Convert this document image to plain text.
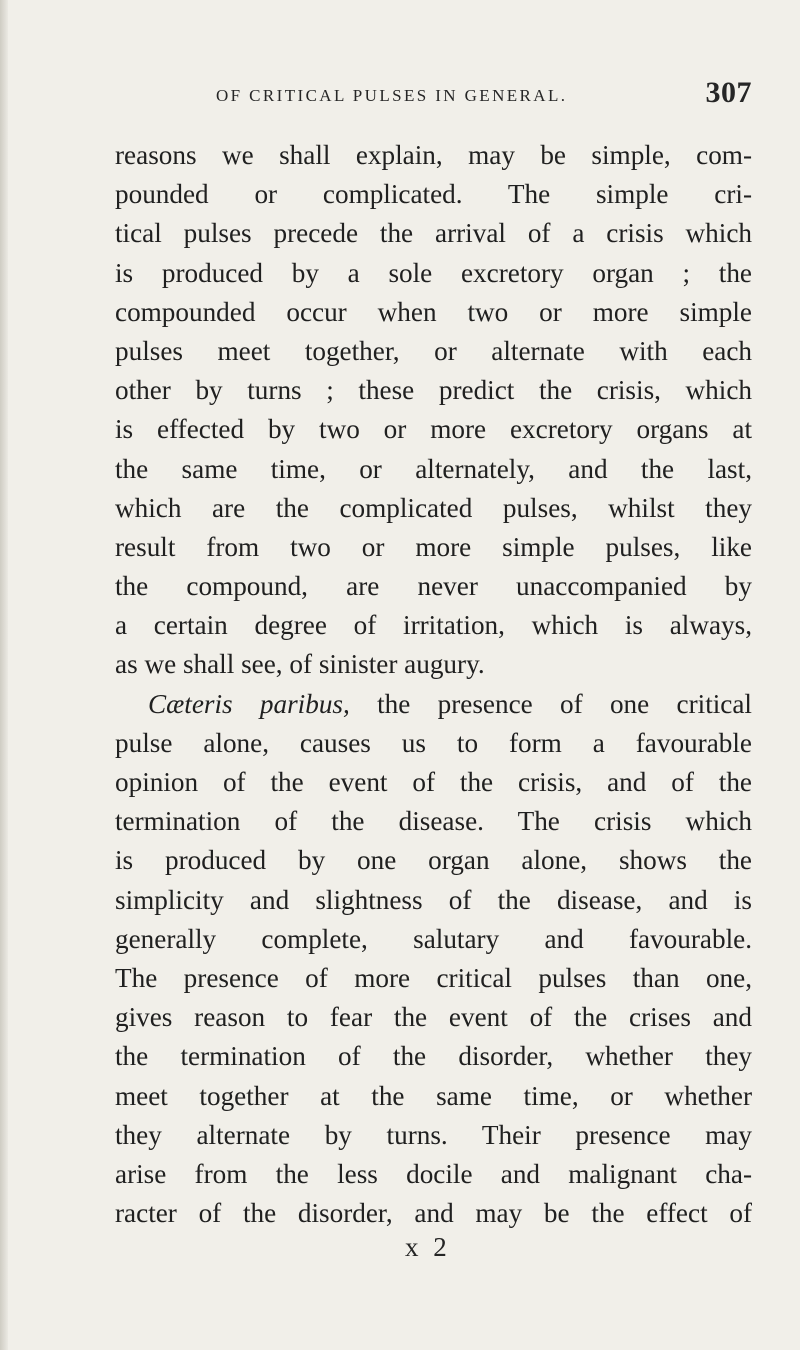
OF CRITICAL PULSES IN GENERAL.	307
reasons we shall explain, may be simple, com-
pounded or complicated. The simple cri-
tical pulses precede the arrival of a crisis which
is produced by a sole excretory organ ; the
compounded occur when two or more simple
pulses meet together, or alternate with each
other by turns ; these predict the crisis, which
is effected by two or more excretory organs at
the same time, or alternately, and the last,
which are the complicated pulses, whilst they
result from two or more simple pulses, like
the compound, are never unaccompanied by
a certain degree of irritation, which is always,
as we shall see, of sinister augury.
Cæteris paribus, the presence of one critical
pulse alone, causes us to form a favourable
opinion of the event of the crisis, and of the
termination of the disease. The crisis which
is produced by one organ alone, shows the
simplicity and slightness of the disease, and is
generally complete, salutary and favourable.
The presence of more critical pulses than one,
gives reason to fear the event of the crises and
the termination of the disorder, whether they
meet together at the same time, or whether
they alternate by turns. Their presence may
arise from the less docile and malignant cha-
racter of the disorder, and may be the effect of
x 2
